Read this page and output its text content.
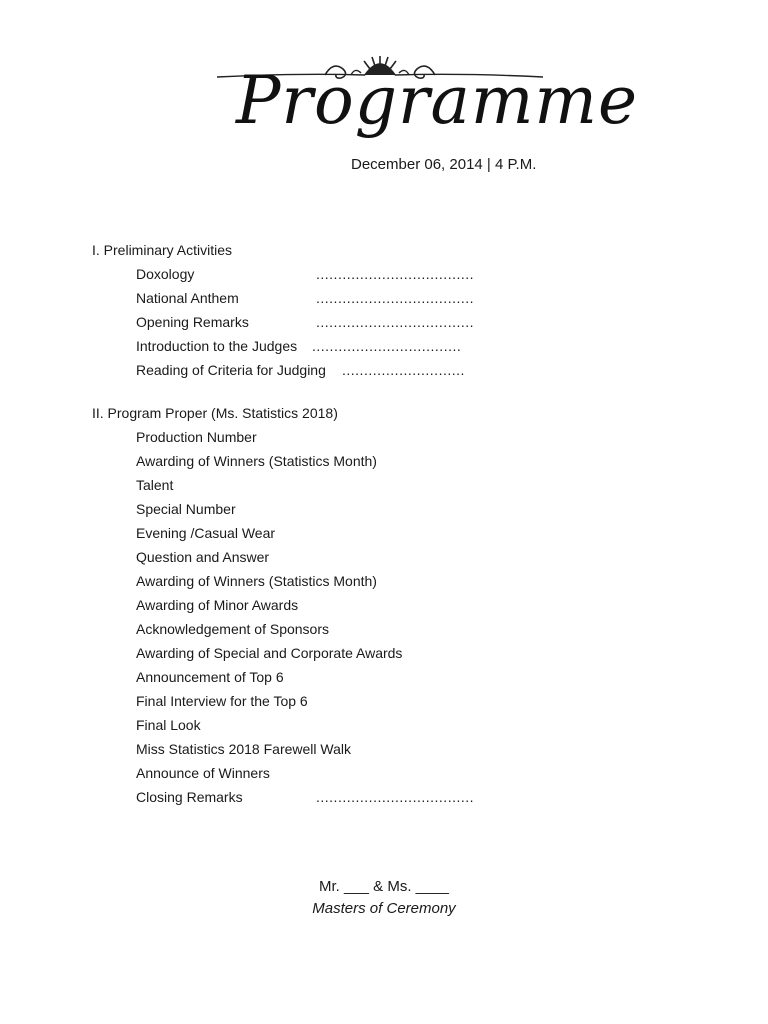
Programme
December 06, 2014 | 4 P.M.
I. Preliminary Activities
Doxology	....................................
National Anthem	....................................
Opening Remarks	....................................
Introduction to the Judges ..................................
Reading of Criteria for Judging ............................
II. Program Proper (Ms. Statistics 2018)
Production Number
Awarding of Winners (Statistics Month)
Talent
Special Number
Evening /Casual Wear
Question and Answer
Awarding of Winners (Statistics Month)
Awarding of Minor Awards
Acknowledgement of Sponsors
Awarding of Special and Corporate Awards
Announcement of Top 6
Final Interview for the Top 6
Final Look
Miss Statistics 2018 Farewell Walk
Announce of Winners
Closing Remarks	....................................
Mr. ___ & Ms. ____
Masters of Ceremony
